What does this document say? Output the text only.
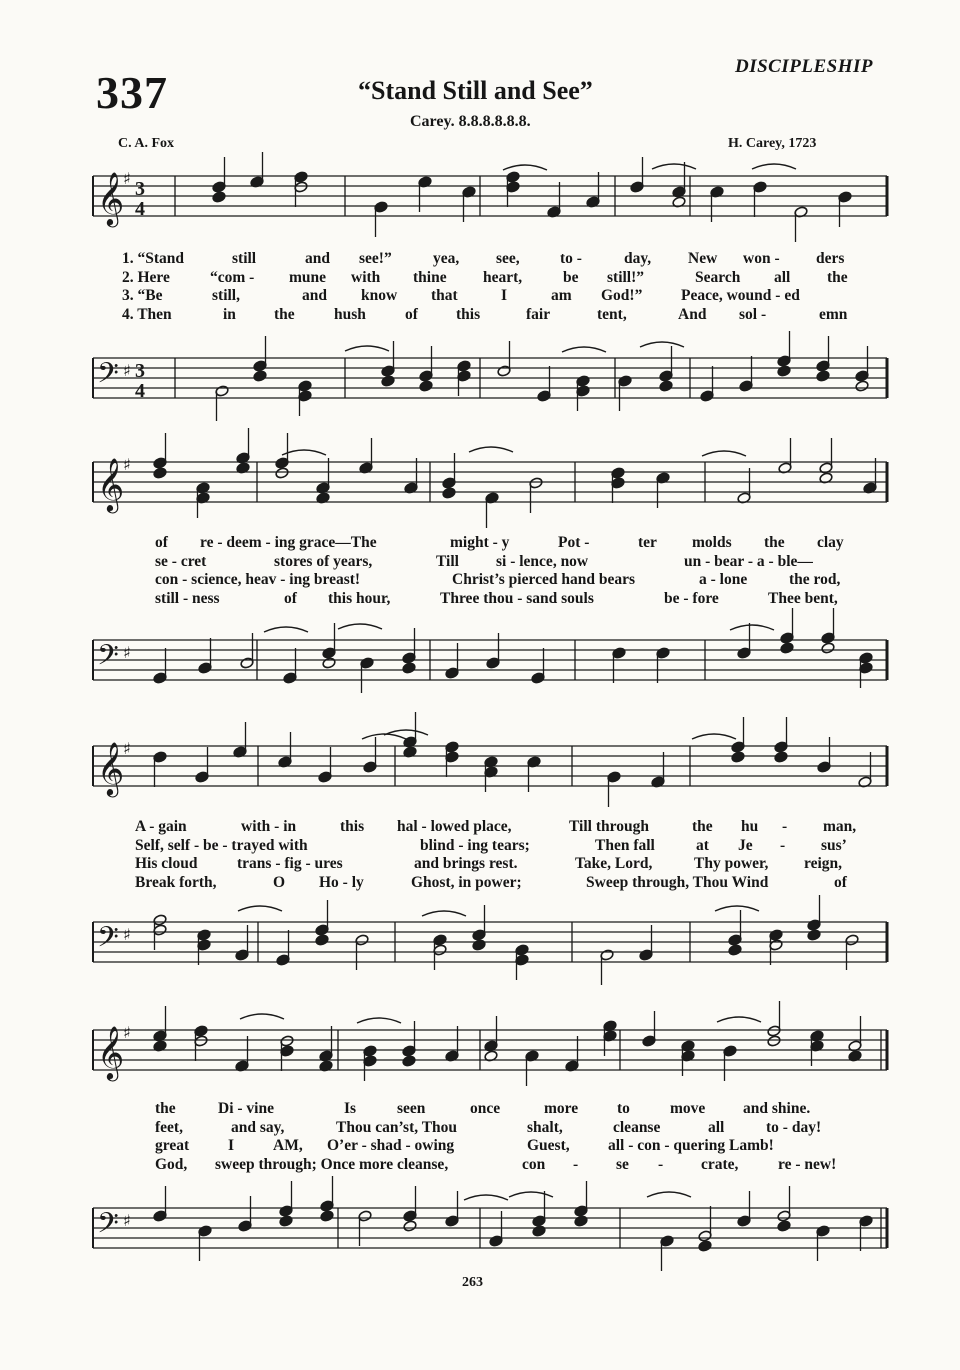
337
DISCIPLESHIP
“Stand Still and See”
Carey. 8.8.8.8.8.8.
C. A. Fox	H. Carey, 1723
𝄞
♯ 3
4
𝄢 ♯ 3
4
𝄞
♯
𝄢 ♯
𝄞
♯
𝄢 ♯
𝄞
♯
𝄢 ♯
1. “Stand	still	and see!”	yea, see,	to -	day, New won - ders
2. Here	“com - mune with thine heart,	be still!”	Search all the
3. “Be	still,	and know that	I	am God!” Peace, wound - ed
4. Then	in the	hush	of this	fair	tent,	And sol -	emn
of re - deem - ing grace—The	might - y	Pot -	ter molds the clay
se - cret	stores of years,	Till si - lence, now	un - bear - a - ble—
con - science, heav - ing breast!	Christ’s pierced hand bears	a - lone	the rod,
still - ness	of this hour,	Three thou - sand souls	be - fore	Thee bent,
A - gain	with - in	this hal - lowed place,	Till through	the hu - man,
Self, self - be - trayed with	blind - ing tears;	Then fall	at Je - sus’
His cloud	trans - fig - ures	and brings rest.	Take, Lord,	Thy power, reign,
Break forth,	O Ho - ly	Ghost, in power;	Sweep through, Thou Wind	of
the	Di - vine	Is	seen	once	more	to	move and shine.
feet,	and say,	Thou can’st, Thou	shalt,	cleanse	all	to - day!
great	I	AM, O’er - shad - owing	Guest, all - con - quering Lamb!
God, sweep through; Once more cleanse,	con - se - crate,	re - new!
263
